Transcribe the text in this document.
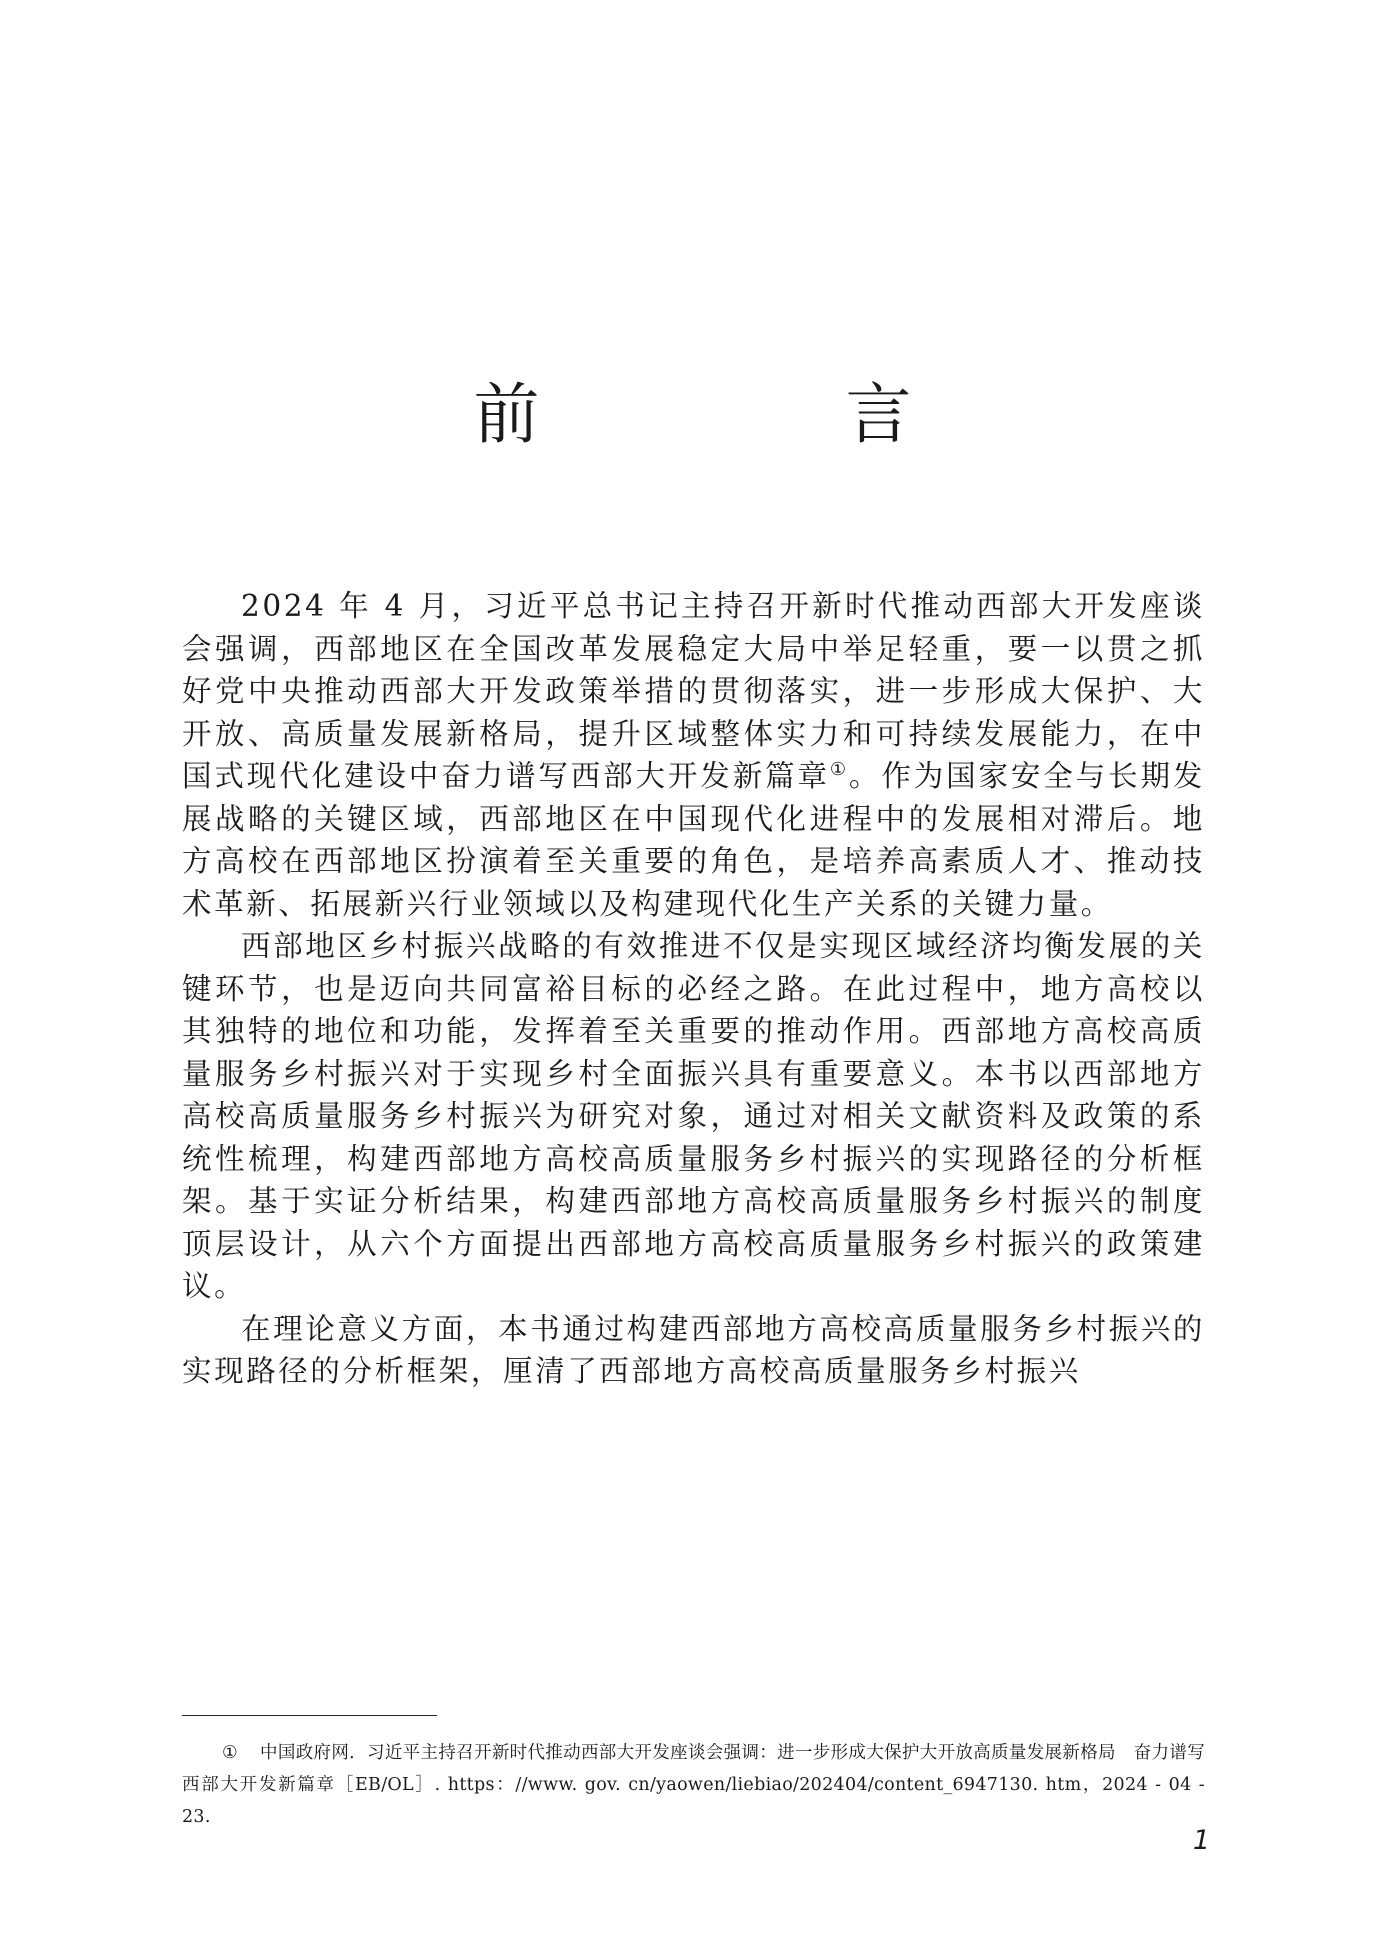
前　言

2024 年 4 月，习近平总书记主持召开新时代推动西部大开发座谈会强调，西部地区在全国改革发展稳定大局中举足轻重，要一以贯之抓好党中央推动西部大开发政策举措的贯彻落实，进一步形成大保护、大开放、高质量发展新格局，提升区域整体实力和可持续发展能力，在中国式现代化建设中奋力谱写西部大开发新篇章①。作为国家安全与长期发展战略的关键区域，西部地区在中国现代化进程中的发展相对滞后。地方高校在西部地区扮演着至关重要的角色，是培养高素质人才、推动技术革新、拓展新兴行业领域以及构建现代化生产关系的关键力量。

西部地区乡村振兴战略的有效推进不仅是实现区域经济均衡发展的关键环节，也是迈向共同富裕目标的必经之路。在此过程中，地方高校以其独特的地位和功能，发挥着至关重要的推动作用。西部地方高校高质量服务乡村振兴对于实现乡村全面振兴具有重要意义。本书以西部地方高校高质量服务乡村振兴为研究对象，通过对相关文献资料及政策的系统性梳理，构建西部地方高校高质量服务乡村振兴的实现路径的分析框架。基于实证分析结果，构建西部地方高校高质量服务乡村振兴的制度顶层设计，从六个方面提出西部地方高校高质量服务乡村振兴的政策建议。

在理论意义方面，本书通过构建西部地方高校高质量服务乡村振兴的实现路径的分析框架，厘清了西部地方高校高质量服务乡村振兴

① 中国政府网．习近平主持召开新时代推动西部大开发座谈会强调：进一步形成大保护大开放高质量发展新格局　奋力谱写西部大开发新篇章［EB/OL］. https：//www. gov. cn/yaowen/liebiao/202404/content_6947130. htm，2024 - 04 - 23.
1
